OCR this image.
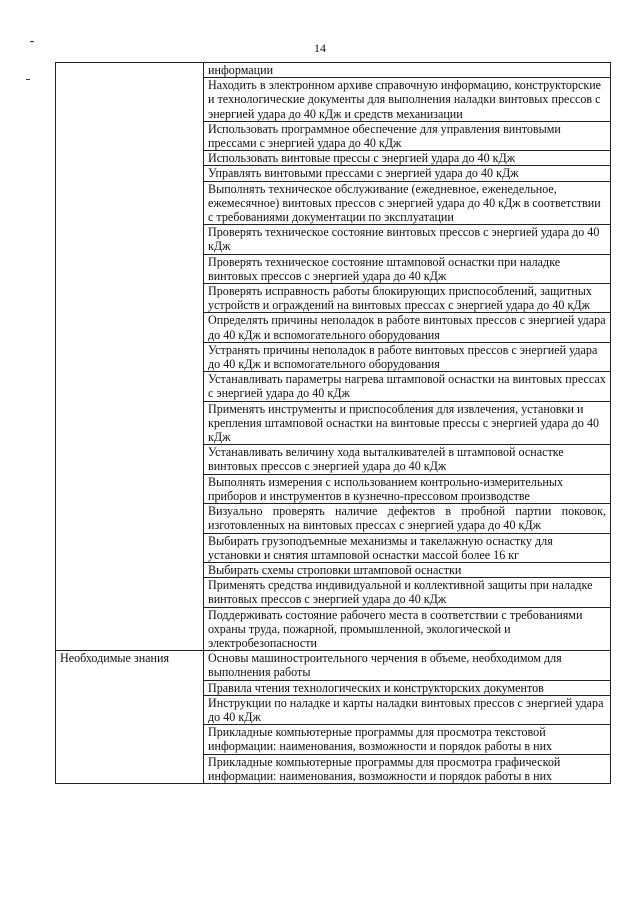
14
	информации
	Находить в электронном архиве справочную информацию, конструкторские и технологические документы для выполнения наладки винтовых прессов с энергией удара до 40 кДж и средств механизации
	Использовать программное обеспечение для управления винтовыми прессами с энергией удара до 40 кДж
	Использовать винтовые прессы с энергией удара до 40 кДж
	Управлять винтовыми прессами с энергией удара до 40 кДж
	Выполнять техническое обслуживание (ежедневное, еженедельное, ежемесячное) винтовых прессов с энергией удара до 40 кДж в соответствии с требованиями документации по эксплуатации
	Проверять техническое состояние винтовых прессов с энергией удара до 40 кДж
	Проверять техническое состояние штамповой оснастки при наладке винтовых прессов с энергией удара до 40 кДж
	Проверять исправность работы блокирующих приспособлений, защитных устройств и ограждений на винтовых прессах с энергией удара до 40 кДж
	Определять причины неполадок в работе винтовых прессов с энергией удара до 40 кДж и вспомогательного оборудования
	Устранять причины неполадок в работе винтовых прессов с энергией удара до 40 кДж и вспомогательного оборудования
	Устанавливать параметры нагрева штамповой оснастки на винтовых прессах с энергией удара до 40 кДж
	Применять инструменты и приспособления для извлечения, установки и крепления штамповой оснастки на винтовые прессы с энергией удара до 40 кДж
	Устанавливать величину хода выталкивателей в штамповой оснастке винтовых прессов с энергией удара до 40 кДж
	Выполнять измерения с использованием контрольно-измерительных приборов и инструментов в кузнечно-прессовом производстве
	Визуально проверять наличие дефектов в пробной партии поковок, изготовленных на винтовых прессах с энергией удара до 40 кДж
	Выбирать грузоподъемные механизмы и такелажную оснастку для установки и снятия штамповой оснастки массой более 16 кг
	Выбирать схемы строповки штамповой оснастки
	Применять средства индивидуальной и коллективной защиты при наладке винтовых прессов с энергией удара до 40 кДж
	Поддерживать состояние рабочего места в соответствии с требованиями охраны труда, пожарной, промышленной, экологической и электробезопасности
Необходимые знания	Основы машиностроительного черчения в объеме, необходимом для выполнения работы
	Правила чтения технологических и конструкторских документов
	Инструкции по наладке и карты наладки винтовых прессов с энергией удара до 40 кДж
	Прикладные компьютерные программы для просмотра текстовой информации: наименования, возможности и порядок работы в них
	Прикладные компьютерные программы для просмотра графической информации: наименования, возможности и порядок работы в них
